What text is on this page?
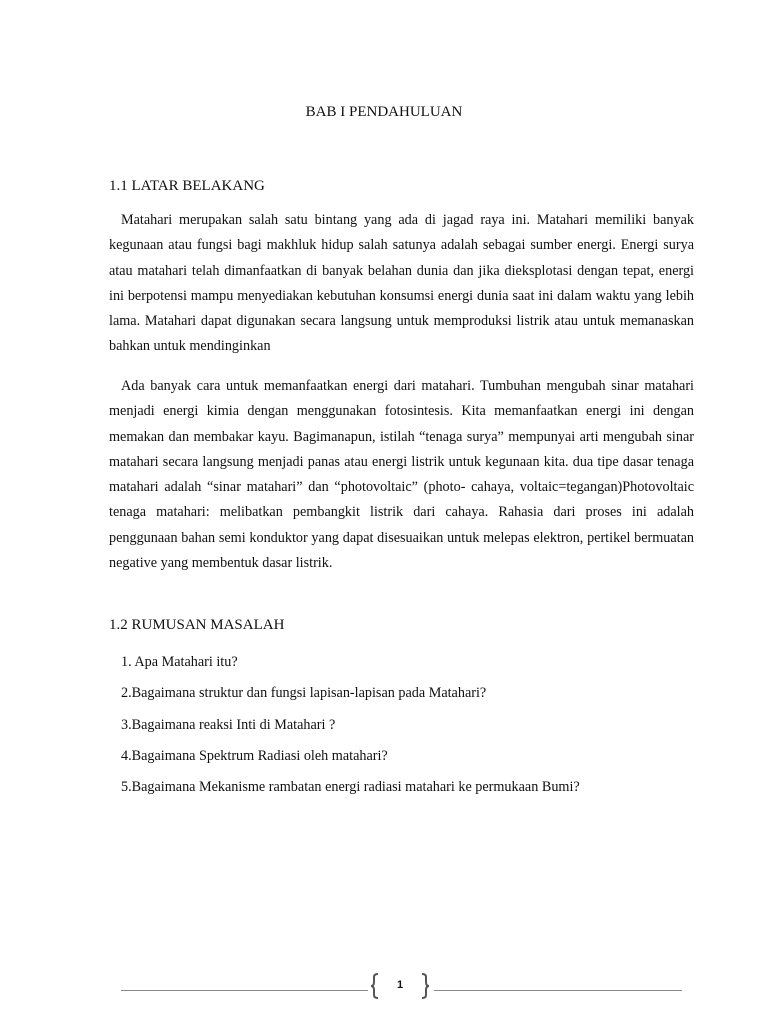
BAB I PENDAHULUAN
1.1 LATAR BELAKANG

Matahari merupakan salah satu bintang yang ada di jagad raya ini. Matahari memiliki banyak kegunaan atau fungsi bagi makhluk hidup salah satunya adalah sebagai sumber energi. Energi surya atau matahari telah dimanfaatkan di banyak belahan dunia dan jika dieksplotasi dengan tepat, energi ini berpotensi mampu menyediakan kebutuhan konsumsi energi dunia saat ini dalam waktu yang lebih lama. Matahari dapat digunakan secara langsung untuk memproduksi listrik atau untuk memanaskan bahkan untuk mendinginkan

Ada banyak cara untuk memanfaatkan energi dari matahari. Tumbuhan mengubah sinar matahari menjadi energi kimia dengan menggunakan fotosintesis. Kita memanfaatkan energi ini dengan memakan dan membakar kayu. Bagimanapun, istilah “tenaga surya” mempunyai arti mengubah sinar matahari secara langsung menjadi panas atau energi listrik untuk kegunaan kita. dua tipe dasar tenaga matahari adalah “sinar matahari” dan “photovoltaic” (photo- cahaya, voltaic=tegangan)Photovoltaic tenaga matahari: melibatkan pembangkit listrik dari cahaya. Rahasia dari proses ini adalah penggunaan bahan semi konduktor yang dapat disesuaikan untuk melepas elektron, pertikel bermuatan negative yang membentuk dasar listrik.

1.2 RUMUSAN MASALAH
1. Apa Matahari itu?
2.Bagaimana struktur dan fungsi lapisan-lapisan pada Matahari?
3.Bagaimana reaksi Inti di Matahari ?
4.Bagaimana Spektrum Radiasi oleh matahari?
5.Bagaimana Mekanisme rambatan energi radiasi matahari ke permukaan Bumi?
1
